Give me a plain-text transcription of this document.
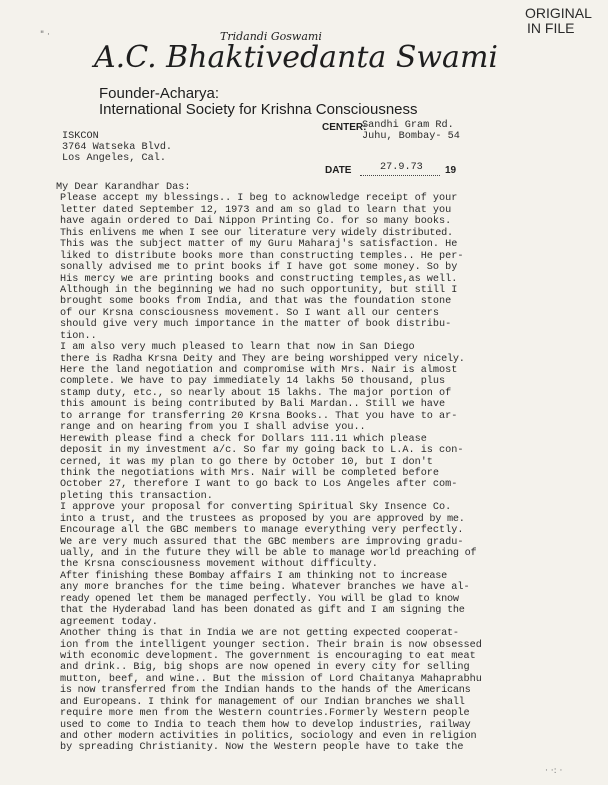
" ·
ORIGINAL
IN FILE
Tridandi Goswami
A.C. Bhaktivedanta Swami
Founder-Acharya:
International Society for Krishna Consciousness
ISKCON
3764 Watseka Blvd.
Los Angeles, Cal.
CENTER:
Sandhi Gram Rd.
Juhu, Bombay- 54
DATE	27.9.73 19
My Dear Karandhar Das:
Please accept my blessings.. I beg to acknowledge receipt of your
letter dated September 12, 1973 and am so glad to learn that you
have again ordered to Dai Nippon Printing Co. for so many books.
This enlivens me when I see our literature very widely distributed.
This was the subject matter of my Guru Maharaj's satisfaction. He
liked to distribute books more than constructing temples.. He per-
sonally advised me to print books if I have got some money. So by
His mercy we are printing books and constructing temples,as well.
Although in the beginning we had no such opportunity, but still I
brought some books from India, and that was the foundation stone
of our Krsna consciousness movement. So I want all our centers
should give very much importance in the matter of book distribu-
tion..
I am also very much pleased to learn that now in San Diego
there is Radha Krsna Deity and They are being worshipped very nicely.
Here the land negotiation and compromise with Mrs. Nair is almost
complete. We have to pay immediately 14 lakhs 50 thousand, plus
stamp duty, etc., so nearly about 15 lakhs. The major portion of
this amount is being contributed by Bali Mardan.. Still we have
to arrange for transferring 20 Krsna Books.. That you have to ar-
range and on hearing from you I shall advise you..
Herewith please find a check for Dollars 111.11 which please
deposit in my investment a/c. So far my going back to L.A. is con-
cerned, it was my plan to go there by October 10, but I don't
think the negotiations with Mrs. Nair will be completed before
October 27, therefore I want to go back to Los Angeles after com-
pleting this transaction.
I approve your proposal for converting Spiritual Sky Insence Co.
into a trust, and the trustees as proposed by you are approved by me.
Encourage all the GBC members to manage everything very perfectly.
We are very much assured that the GBC members are improving gradu-
ually, and in the future they will be able to manage world preaching of
the Krsna consciousness movement without difficulty.
After finishing these Bombay affairs I am thinking not to increase
any more branches for the time being. Whatever branches we have al-
ready opened let them be managed perfectly. You will be glad to know
that the Hyderabad land has been donated as gift and I am signing the
agreement today.
Another thing is that in India we are not getting expected cooperat-
ion from the intelligent younger section. Their brain is now obsessed
with economic development. The government is encouraging to eat meat
and drink.. Big, big shops are now opened in every city for selling
mutton, beef, and wine.. But the mission of Lord Chaitanya Mahaprabhu
is now transferred from the Indian hands to the hands of the Americans
and Europeans. I think for management of our Indian branches we shall
require more men from the Western countries.Formerly Western people
used to come to India to teach them how to develop industries, railway
and other modern activities in politics, sociology and even in religion
by spreading Christianity. Now the Western people have to take the
· ·: ·
